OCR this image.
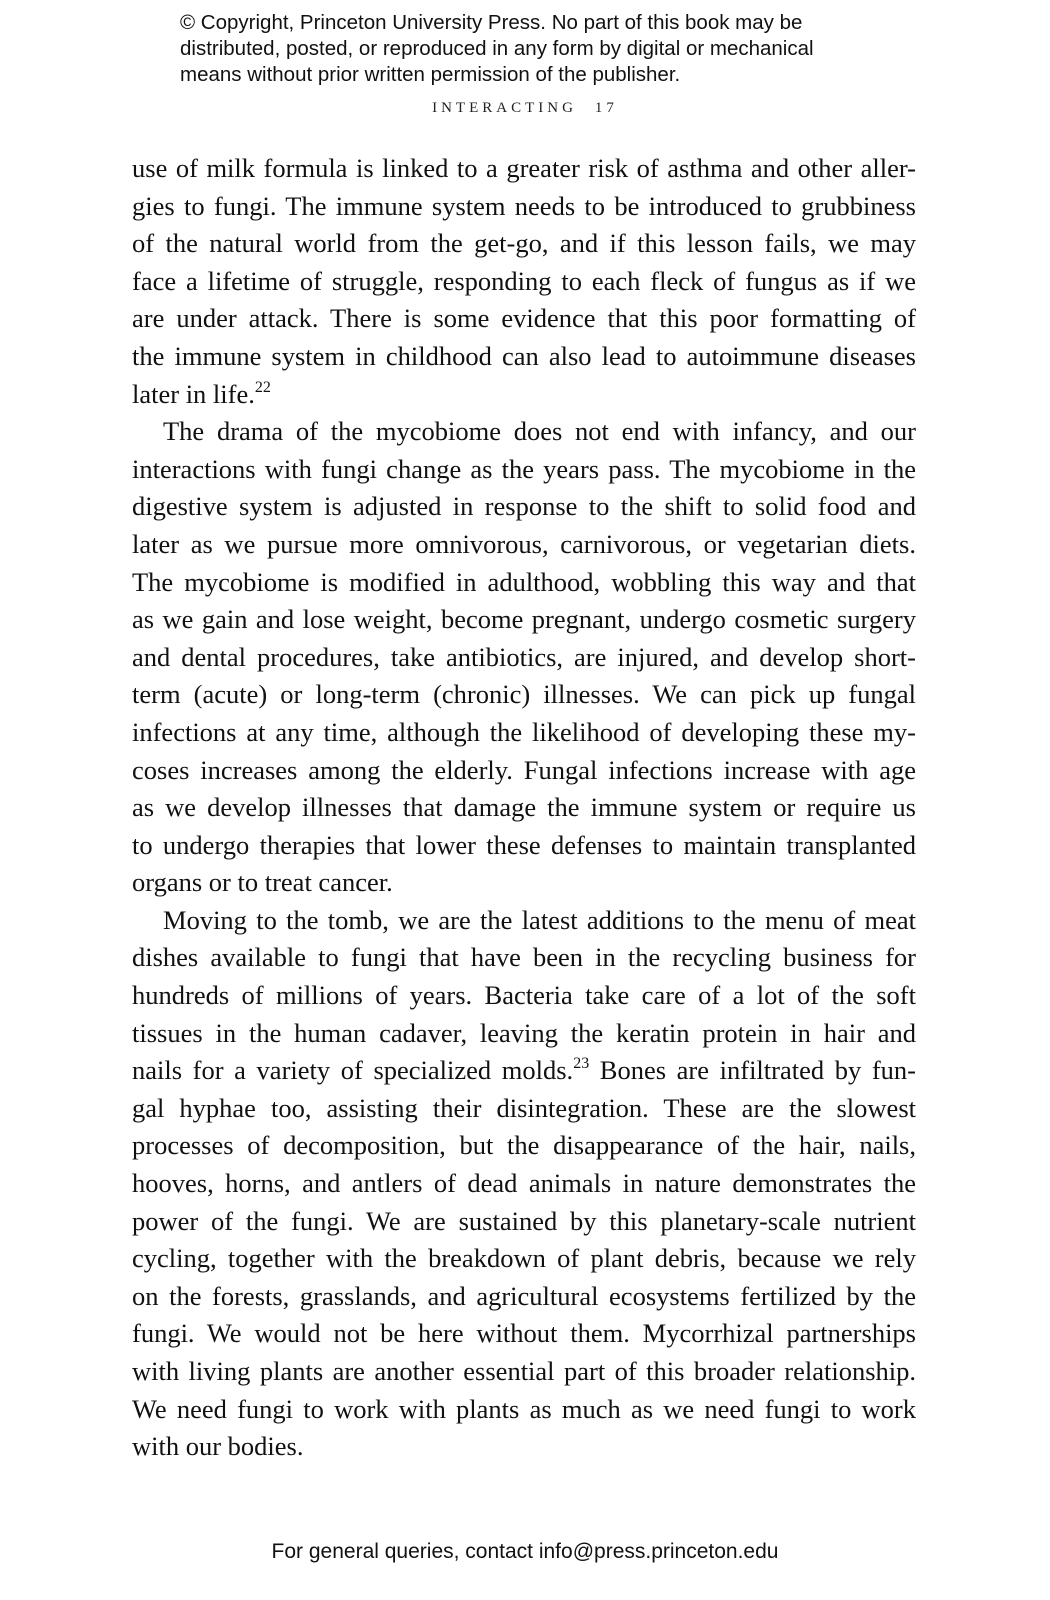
© Copyright, Princeton University Press. No part of this book may be
distributed, posted, or reproduced in any form by digital or mechanical
means without prior written permission of the publisher.
INTERACTING 17
use of milk formula is linked to a greater risk of asthma and other aller-
gies to fungi. The immune system needs to be introduced to grubbiness
of the natural world from the get-go, and if this lesson fails, we may
face a lifetime of struggle, responding to each fleck of fungus as if we
are under attack. There is some evidence that this poor formatting of
the immune system in childhood can also lead to autoimmune diseases
later in life.$^{22}$
The drama of the mycobiome does not end with infancy, and our
interactions with fungi change as the years pass. The mycobiome in the
digestive system is adjusted in response to the shift to solid food and
later as we pursue more omnivorous, carnivorous, or vegetarian diets.
The mycobiome is modified in adulthood, wobbling this way and that
as we gain and lose weight, become pregnant, undergo cosmetic surgery
and dental procedures, take antibiotics, are injured, and develop short-
term (acute) or long-term (chronic) illnesses. We can pick up fungal
infections at any time, although the likelihood of developing these my-
coses increases among the elderly. Fungal infections increase with age
as we develop illnesses that damage the immune system or require us
to undergo therapies that lower these defenses to maintain transplanted
organs or to treat cancer.
Moving to the tomb, we are the latest additions to the menu of meat
dishes available to fungi that have been in the recycling business for
hundreds of millions of years. Bacteria take care of a lot of the soft
tissues in the human cadaver, leaving the keratin protein in hair and
nails for a variety of specialized molds.$^{23}$ Bones are infiltrated by fun-
gal hyphae too, assisting their disintegration. These are the slowest
processes of decomposition, but the disappearance of the hair, nails,
hooves, horns, and antlers of dead animals in nature demonstrates the
power of the fungi. We are sustained by this planetary-scale nutrient
cycling, together with the breakdown of plant debris, because we rely
on the forests, grasslands, and agricultural ecosystems fertilized by the
fungi. We would not be here without them. Mycorrhizal partnerships
with living plants are another essential part of this broader relationship.
We need fungi to work with plants as much as we need fungi to work
with our bodies.
For general queries, contact info@press.princeton.edu
